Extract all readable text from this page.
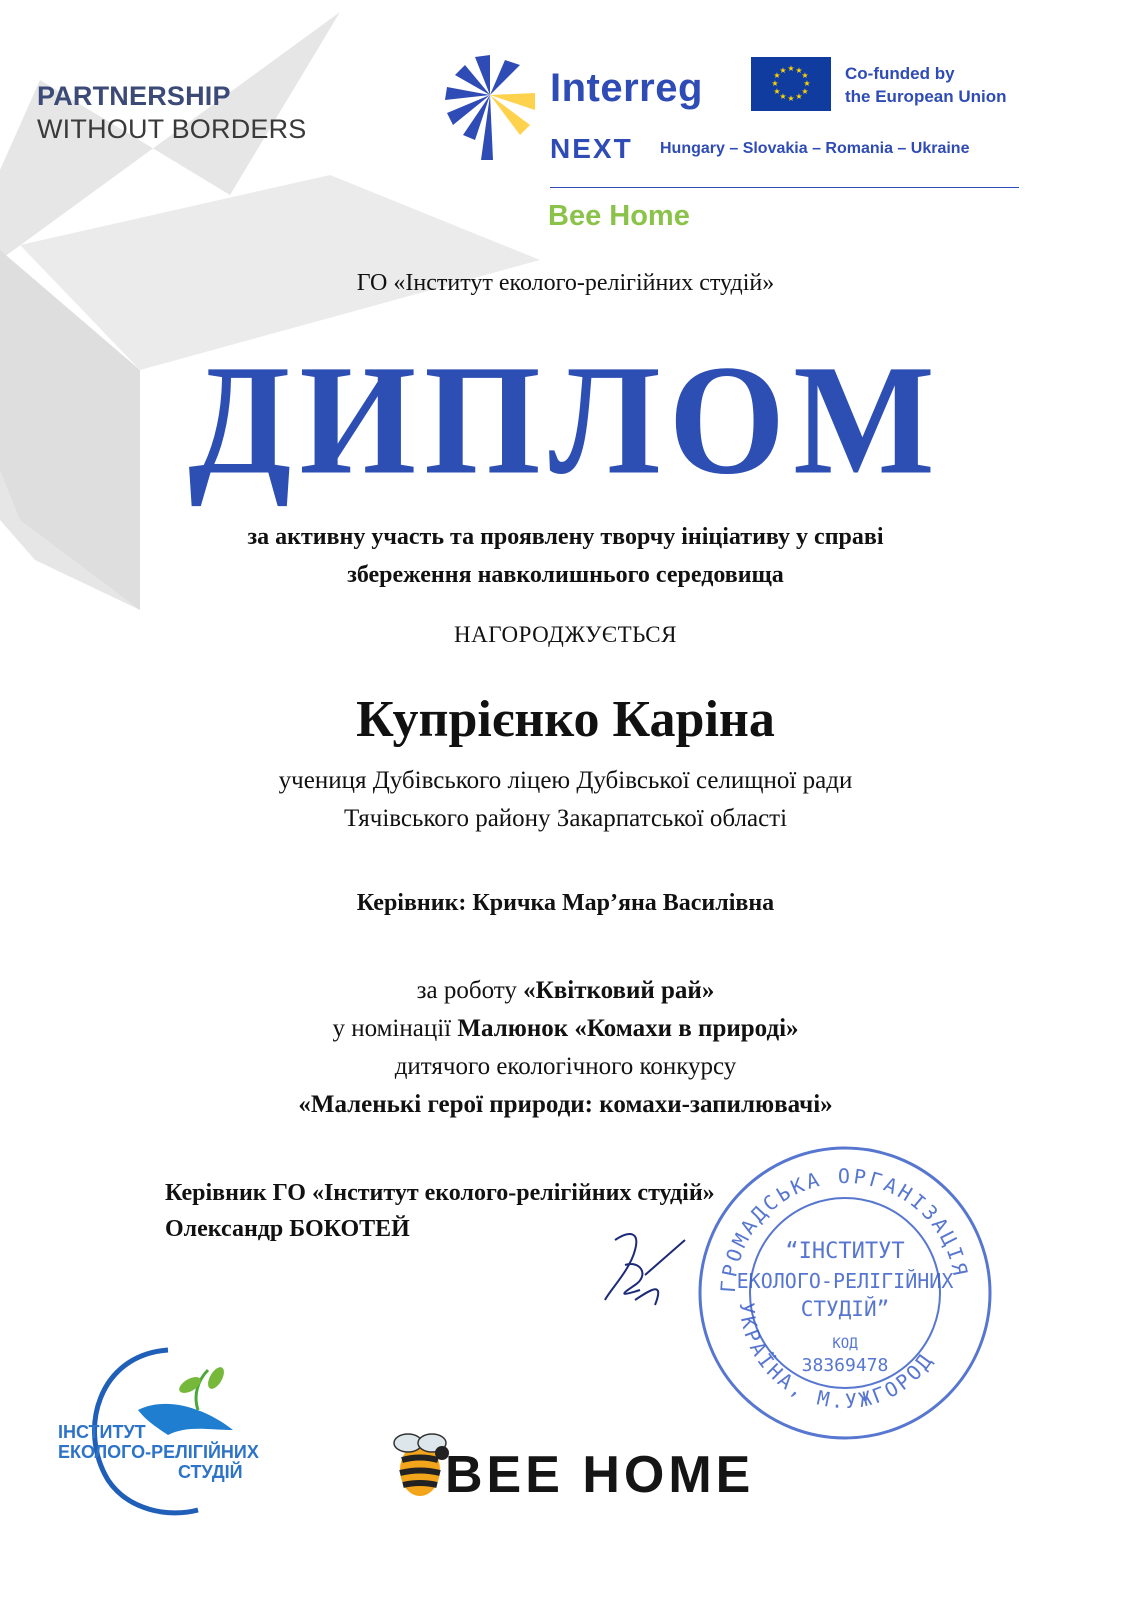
PARTNERSHIP
WITHOUT BORDERS
Interreg	★ ★
★
★
★
★
★
★
★
★
★
★	Co-funded by
the European Union
NEXT Hungary – Slovakia – Romania – Ukraine
Bee Home
ГО «Інститут еколого-релігійних студій»
ДИПЛОМ
за активну участь та проявлену творчу ініціативу у справі
збереження навколишнього середовища
НАГОРОДЖУЄТЬСЯ
Купрієнко Каріна
учениця Дубівського ліцею Дубівської селищної ради
Тячівського району Закарпатської області
Керівник: Кричка Мар’яна Василівна
за роботу «Квітковий рай»
у номінації Малюнок «Комахи в природі»
дитячого екологічного конкурсу
«Маленькі герої природи: комахи-запилювачі»
Керівник ГО «Інститут еколого-релігійних студій»
Олександр БОКОТЕЙ
ГРОМАДСЬКА ОРГАНІЗАЦІЯ
УКРАЇНА, М.УЖГОРОД
“ІНСТИТУТ
ЕКОЛОГО-РЕЛІГІЙНИХ
СТУДІЙ”
КОД
38369478
ІНСТИТУТ
ЕКОЛОГО-РЕЛІГІЙНИХ
СТУДІЙ	BEE HOME
